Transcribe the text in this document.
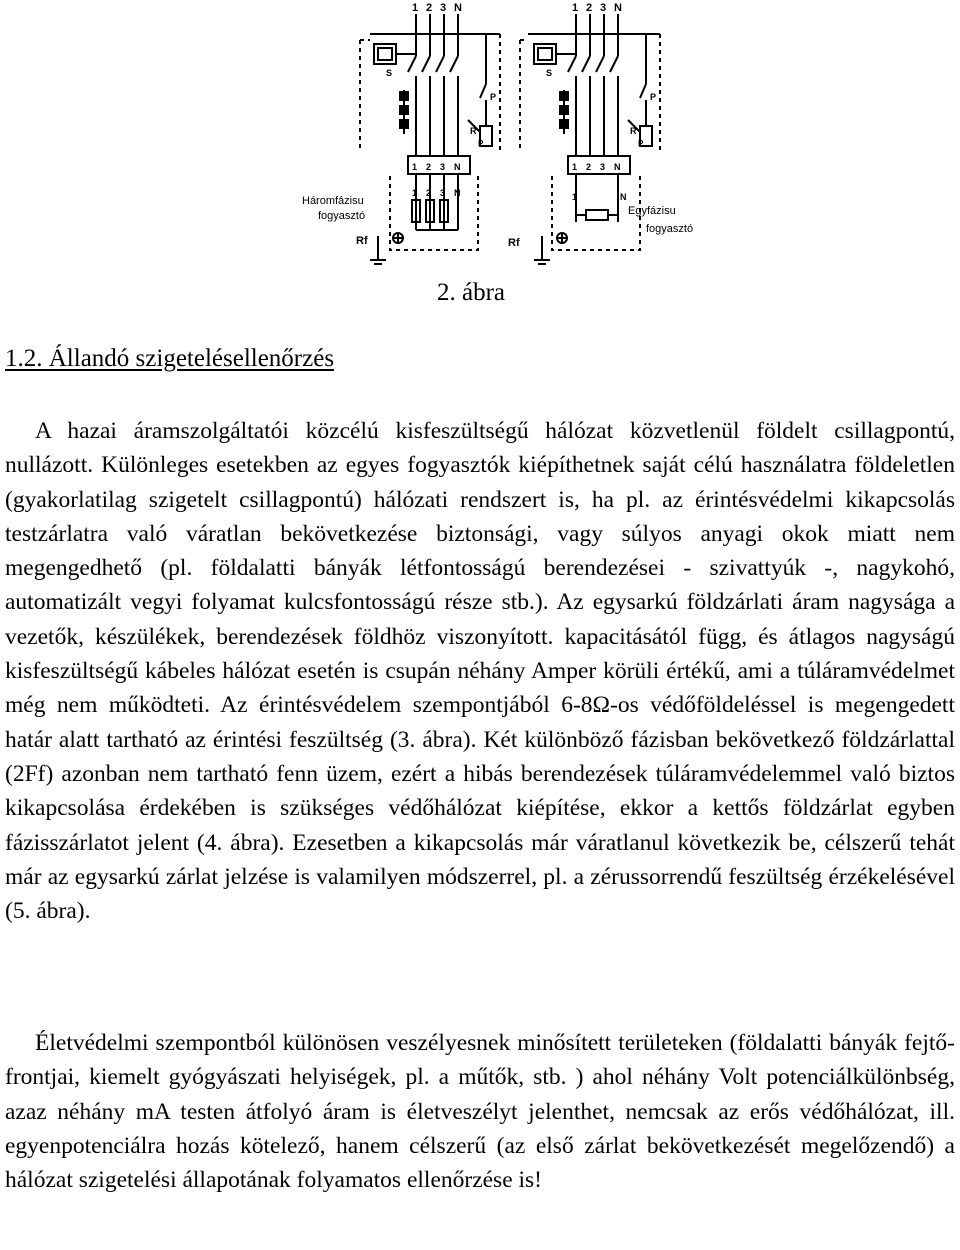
1 2 3 N
S
P
R
P
1 2 3 N
1 2 3 N
Háromfázisu
fogyasztó
Rf
1 2 3 N
S
P
R
P
1 2 3 N
1	N
Egyfázisu
fogyasztó
Rf
2. ábra
1.2. Állandó szigetelésellenőrzés

A hazai áramszolgáltatói közcélú kisfeszültségű hálózat közvetlenül földelt csillagpontú, nullázott. Különleges esetekben az egyes fogyasztók kiépíthetnek saját célú használatra földeletlen (gyakorlatilag szigetelt csillagpontú) hálózati rendszert is, ha pl. az érintésvédelmi kikapcsolás testzárlatra való váratlan bekövetkezése biztonsági, vagy súlyos anyagi okok miatt nem megengedhető (pl. földalatti bányák létfontosságú berendezései - szivattyúk -, nagykohó, automatizált vegyi folyamat kulcsfontosságú része stb.). Az egysarkú földzárlati áram nagysága a vezetők, készülékek, berendezések földhöz viszonyított. kapacitásától függ, és átlagos nagyságú kisfeszültségű kábeles hálózat esetén is csupán néhány Amper körüli értékű, ami a túláramvédelmet még nem működteti. Az érintésvédelem szempontjából 6-8Ω-os védőföldeléssel is megengedett határ alatt tartható az érintési feszültség (3. ábra). Két különböző fázisban bekövetkező földzárlattal (2Ff) azonban nem tartható fenn üzem, ezért a hibás berendezések túláramvédelemmel való biztos kikapcsolása érdekében is szükséges védőhálózat kiépítése, ekkor a kettős földzárlat egyben fázisszárlatot jelent (4. ábra). Ezesetben a kikapcsolás már váratlanul következik be, célszerű tehát már az egysarkú zárlat jelzése is valamilyen módszerrel, pl. a zérussorrendű feszültség érzékelésével (5. ábra).

Életvédelmi szempontból különösen veszélyesnek minősített területeken (földalatti bányák fejtő-frontjai, kiemelt gyógyászati helyiségek, pl. a műtők, stb. ) ahol néhány Volt potenciálkülönbség, azaz néhány mA testen átfolyó áram is életveszélyt jelenthet, nemcsak az erős védőhálózat, ill. egyenpotenciálra hozás kötelező, hanem célszerű (az első zárlat bekövetkezését megelőzendő) a hálózat szigetelési állapotának folyamatos ellenőrzése is!
